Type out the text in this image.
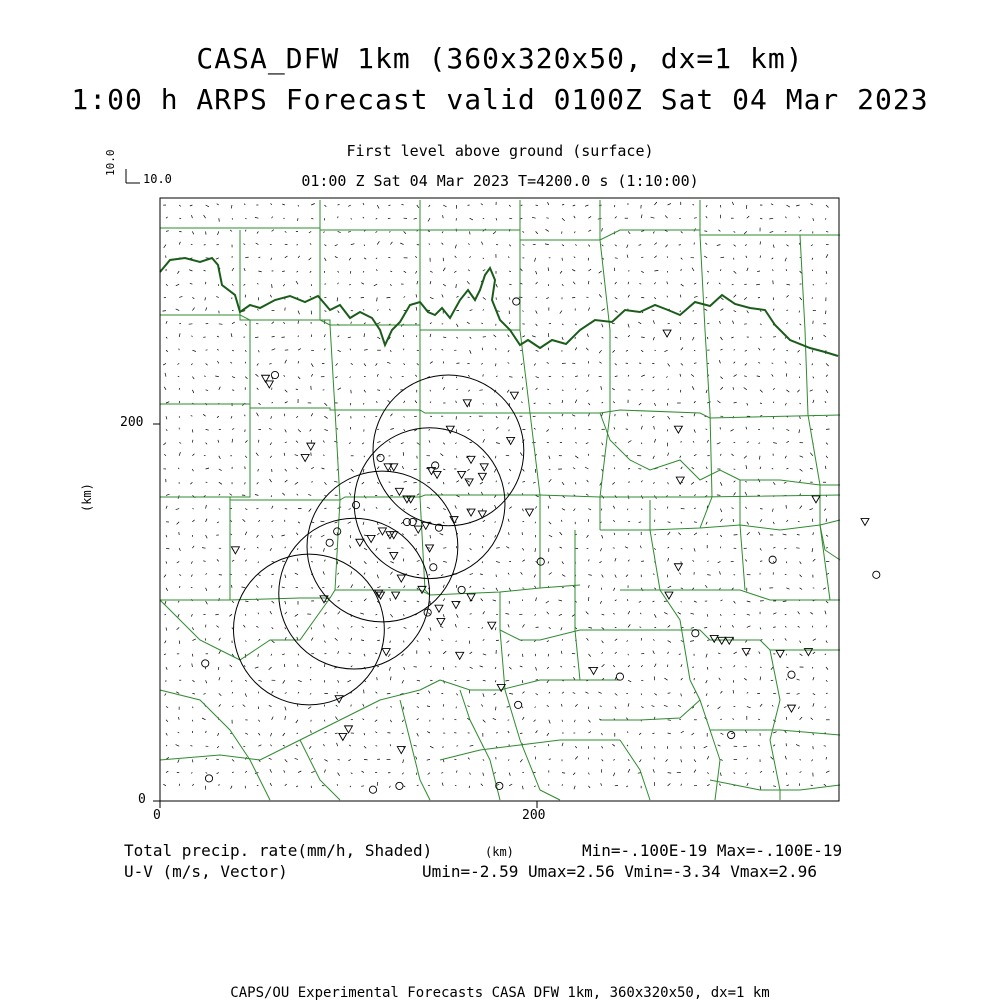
CASA_DFW 1km (360x320x50, dx=1 km)
1:00 h ARPS Forecast valid 0100Z Sat 04 Mar 2023
First level above ground (surface)
01:00 Z Sat 04 Mar 2023 T=4200.0 s (1:10:00)
10.0
10.0
(km)
0
200
0	200
(km)
Total precip. rate(mm/h, Shaded)
U-V (m/s, Vector)
Min=-.100E-19 Max=-.100E-19
Umin=-2.59 Umax=2.56 Vmin=-3.34 Vmax=2.96
CAPS/OU Experimental Forecasts CASA DFW 1km, 360x320x50, dx=1 km
